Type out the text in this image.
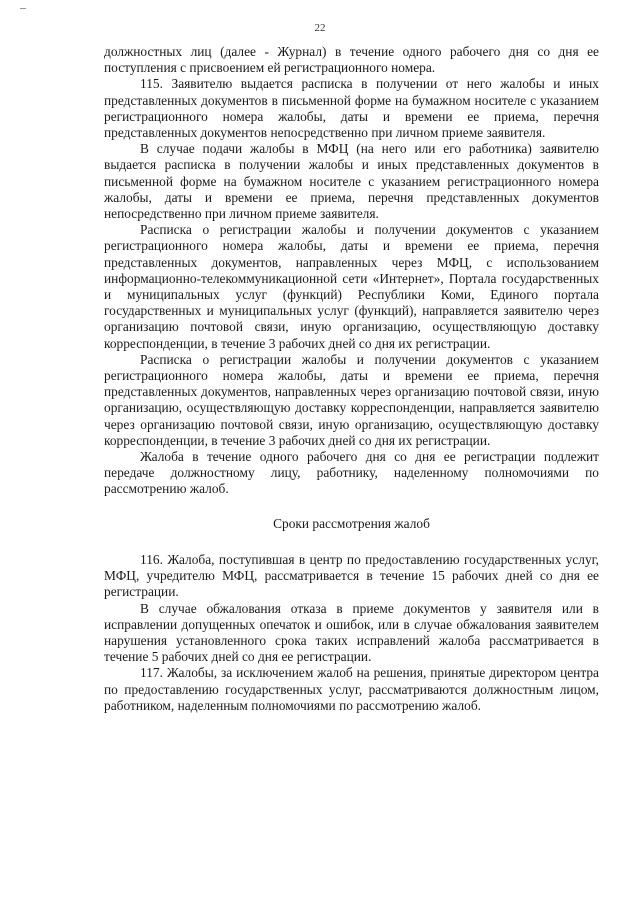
22

должностных лиц (далее - Журнал) в течение одного рабочего дня со дня ее поступления с присвоением ей регистрационного номера.

115. Заявителю выдается расписка в получении от него жалобы и иных представленных документов в письменной форме на бумажном носителе с указанием регистрационного номера жалобы, даты и времени ее приема, перечня представленных документов непосредственно при личном приеме заявителя.

В случае подачи жалобы в МФЦ (на него или его работника) заявителю выдается расписка в получении жалобы и иных представленных документов в письменной форме на бумажном носителе с указанием регистрационного номера жалобы, даты и времени ее приема, перечня представленных документов непосредственно при личном приеме заявителя.

Расписка о регистрации жалобы и получении документов с указанием регистрационного номера жалобы, даты и времени ее приема, перечня представленных документов, направленных через МФЦ, с использованием информационно-телекоммуникационной сети «Интернет», Портала государственных и муниципальных услуг (функций) Республики Коми, Единого портала государственных и муниципальных услуг (функций), направляется заявителю через организацию почтовой связи, иную организацию, осуществляющую доставку корреспонденции, в течение 3 рабочих дней со дня их регистрации.

Расписка о регистрации жалобы и получении документов с указанием регистрационного номера жалобы, даты и времени ее приема, перечня представленных документов, направленных через организацию почтовой связи, иную организацию, осуществляющую доставку корреспонденции, направляется заявителю через организацию почтовой связи, иную организацию, осуществляющую доставку корреспонденции, в течение 3 рабочих дней со дня их регистрации.

Жалоба в течение одного рабочего дня со дня ее регистрации подлежит передаче должностному лицу, работнику, наделенному полномочиями по рассмотрению жалоб.

Сроки рассмотрения жалоб

116. Жалоба, поступившая в центр по предоставлению государственных услуг, МФЦ, учредителю МФЦ, рассматривается в течение 15 рабочих дней со дня ее регистрации.

В случае обжалования отказа в приеме документов у заявителя или в исправлении допущенных опечаток и ошибок, или в случае обжалования заявителем нарушения установленного срока таких исправлений жалоба рассматривается в течение 5 рабочих дней со дня ее регистрации.

117. Жалобы, за исключением жалоб на решения, принятые директором центра по предоставлению государственных услуг, рассматриваются должностным лицом, работником, наделенным полномочиями по рассмотрению жалоб.
